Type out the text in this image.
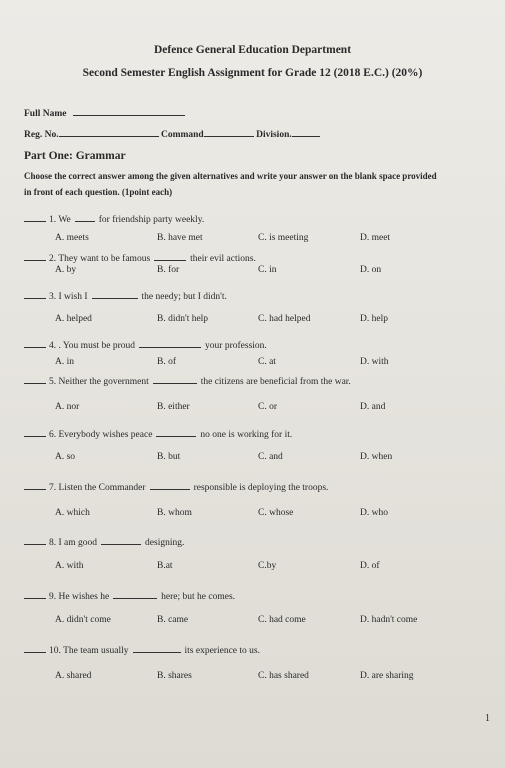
Defence General Education Department
Second Semester English Assignment for Grade 12 (2018 E.C.) (20%)
Full Name
Reg. No.	Command	Division.
Part One: Grammar
Choose the correct answer among the given alternatives and write your answer on the blank space provided in front of each question. (1point each)
1. We	for friendship party weekly.
A. meets	B. have met	C. is meeting	D. meet
2. They want to be famous	their evil actions.
A. by	B. for	C. in	D. on
3. I wish I	the needy; but I didn't.
A. helped	B. didn't help	C. had helped	D. help
4. . You must be proud	your profession.
A. in	B. of	C. at	D. with
5. Neither the government	the citizens are beneficial from the war.
A. nor	B. either	C. or	D. and
6. Everybody wishes peace	no one is working for it.
A. so	B. but	C. and	D. when
7. Listen the Commander	responsible is deploying the troops.
A. which	B. whom	C. whose	D. who
8. I am good	designing.
A. with	B.at	C.by	D. of
9. He wishes he	here; but he comes.
A. didn't come	B. came	C. had come	D. hadn't come
10. The team usually	its experience to us.
A. shared	B. shares	C. has shared	D. are sharing
1
